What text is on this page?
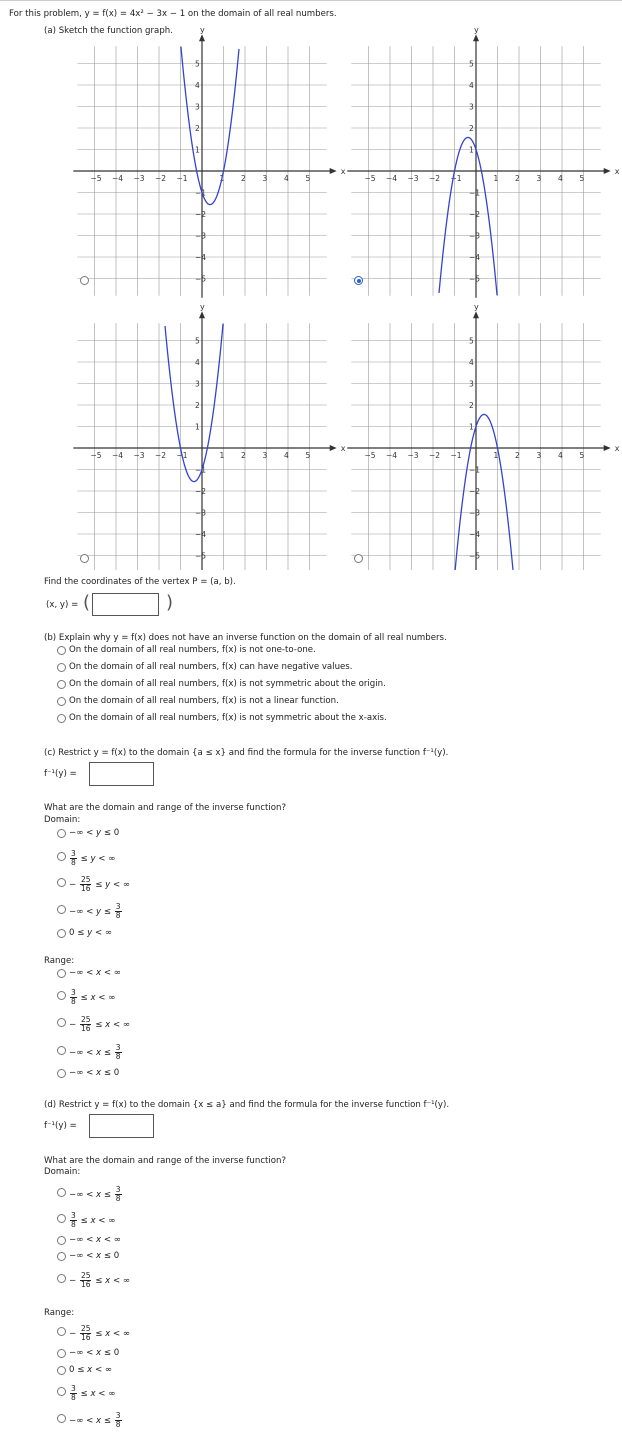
For this problem, y = f(x) = 4x² − 3x − 1 on the domain of all real numbers.
(a) Sketch the function graph.
x
y
−5 −4 −3 −2 −1	1 2 3 4 5
5
4
3
2
1
−1
−2
−3
−4
−5
x
y
−5 −4 −3 −2 −1	1 2 3 4 5
5
4
3
2
1
−1
−2
−3
−4
−5
x
y
−5 −4 −3 −2 −1	1 2 3 4 5
5
4
3
2
1
−1
−2
−3
−4
−5
x
y
−5 −4 −3 −2 −1	1 2 3 4 5
5
4
3
2
1
−1
−2
−3
−4
−5
Find the coordinates of the vertex P = (a, b).
(x, y) = (	)
(b) Explain why y = f(x) does not have an inverse function on the domain of all real numbers.
On the domain of all real numbers, f(x) is not one-to-one.
On the domain of all real numbers, f(x) can have negative values.
On the domain of all real numbers, f(x) is not symmetric about the origin.
On the domain of all real numbers, f(x) is not a linear function.
On the domain of all real numbers, f(x) is not symmetric about the x-axis.
(c) Restrict y = f(x) to the domain {a ≤ x} and find the formula for the inverse function f⁻¹(y).
f⁻¹(y) =
What are the domain and range of the inverse function?
Domain:
−∞ < y ≤ 0
$\frac{3}{8} \le y$ < ∞
− $\frac{25}{16} \le y$ < ∞
−∞ < $y \le \frac{3}{8}$
0 ≤ y < ∞
Range:
−∞ < x < ∞
$\frac{3}{8} \le x$ < ∞
− $\frac{25}{16} \le x$ < ∞
−∞ < $x \le \frac{3}{8}$
−∞ < x ≤ 0
(d) Restrict y = f(x) to the domain {x ≤ a} and find the formula for the inverse function f⁻¹(y).
f⁻¹(y) =
What are the domain and range of the inverse function?
Domain:
−∞ < $x \le \frac{3}{8}$
$\frac{3}{8} \le x$ < ∞
−∞ < x < ∞
−∞ < x ≤ 0
− $\frac{25}{16} \le x$ < ∞
Range:
− $\frac{25}{16} \le x$ < ∞
−∞ < x ≤ 0
0 ≤ x < ∞
$\frac{3}{8} \le x$ < ∞
−∞ < $x \le \frac{3}{8}$
